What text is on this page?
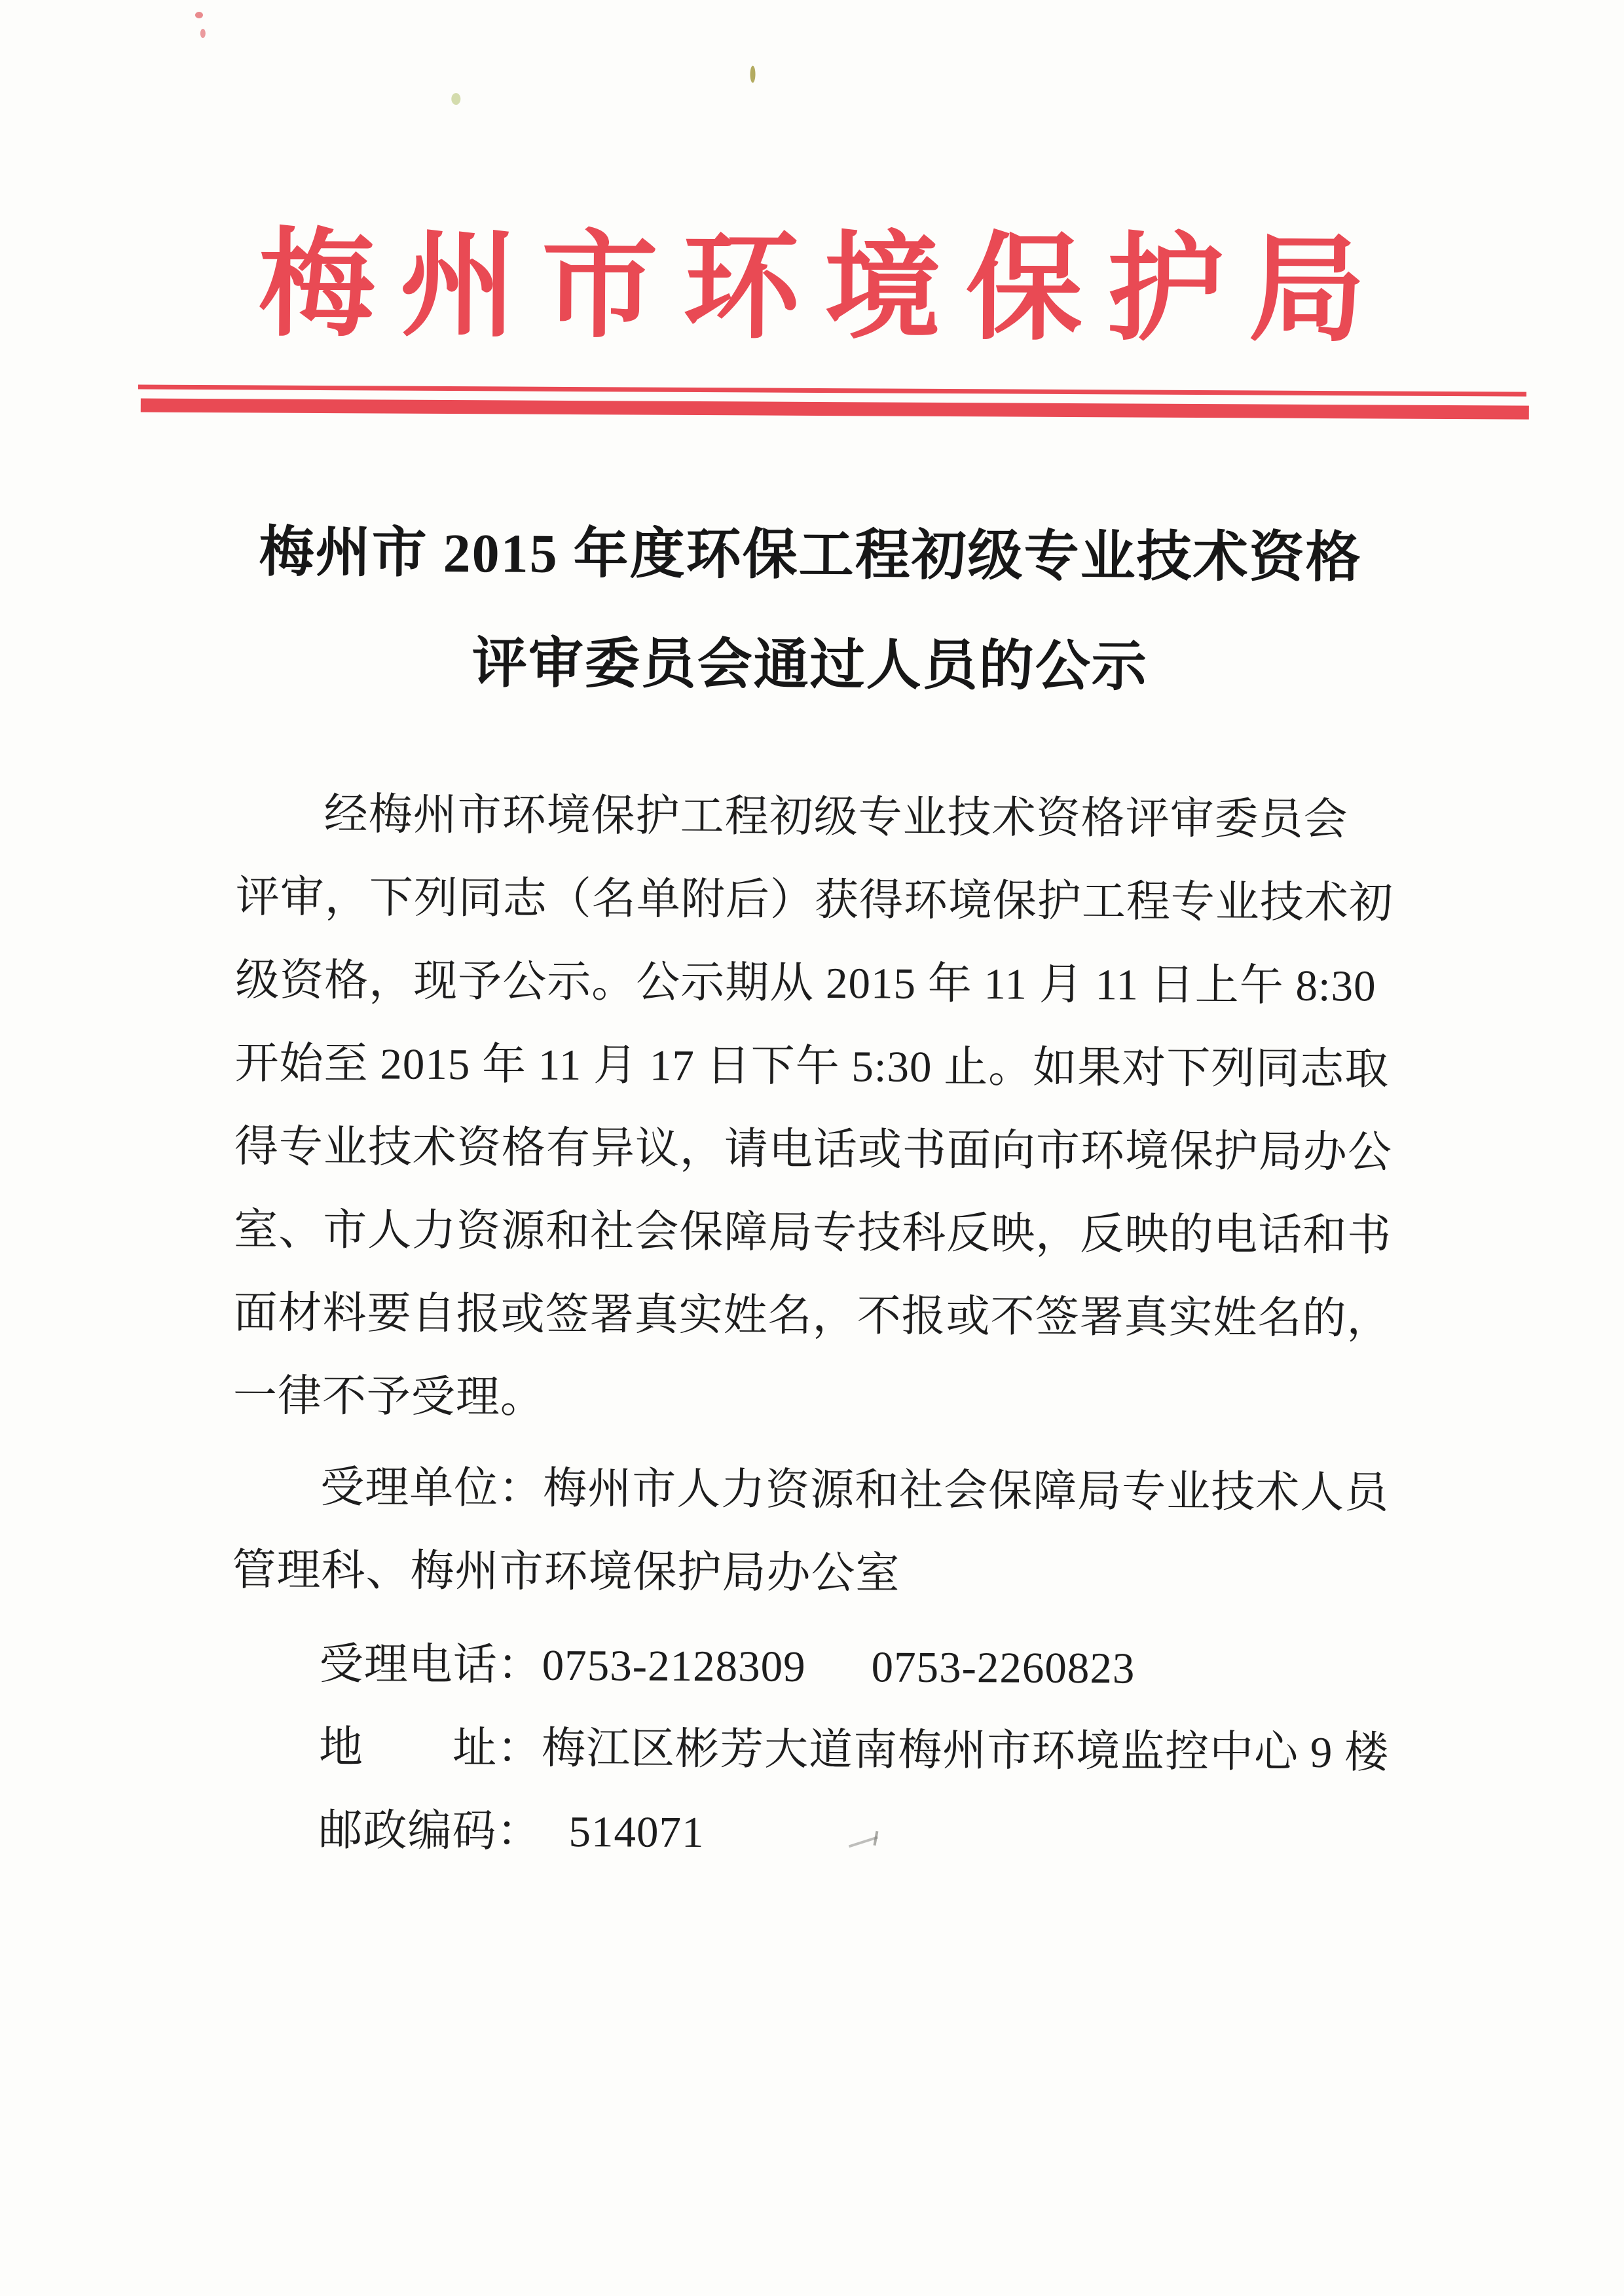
梅州市环境保护局
梅州市 2015 年度环保工程初级专业技术资格
评审委员会通过人员的公示
经梅州市环境保护工程初级专业技术资格评审委员会
评审，下列同志（名单附后）获得环境保护工程专业技术初
级资格，现予公示。公示期从 2015 年 11 月 11 日上午 8:30
开始至 2015 年 11 月 17 日下午 5:30 止。如果对下列同志取
得专业技术资格有异议，请电话或书面向市环境保护局办公
室、市人力资源和社会保障局专技科反映，反映的电话和书
面材料要自报或签署真实姓名，不报或不签署真实姓名的，
一律不予受理。
受理单位：梅州市人力资源和社会保障局专业技术人员
管理科、梅州市环境保护局办公室
受理电话：0753-2128309 0753-2260823
地　　址：梅江区彬芳大道南梅州市环境监控中心 9 楼
邮政编码： 514071
